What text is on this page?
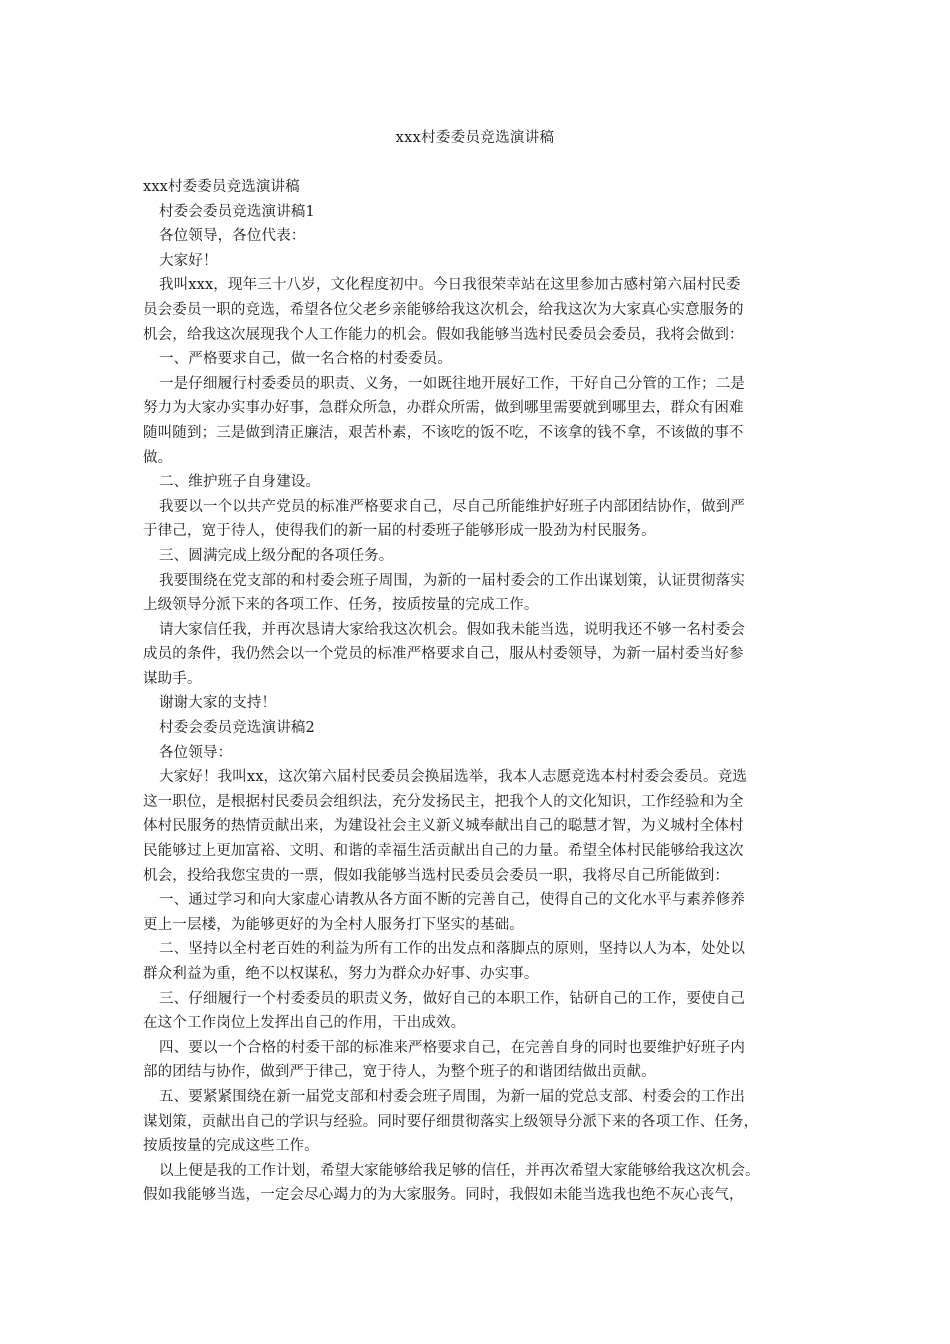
xxx村委委员竞选演讲稿
xxx村委委员竞选演讲稿
村委会委员竞选演讲稿1
各位领导，各位代表：
大家好！
我叫xxx，现年三十八岁，文化程度初中。今日我很荣幸站在这里参加古感村第六届村民委
员会委员一职的竞选，希望各位父老乡亲能够给我这次机会，给我这次为大家真心实意服务的
机会，给我这次展现我个人工作能力的机会。假如我能够当选村民委员会委员，我将会做到：
一、严格要求自己，做一名合格的村委委员。
一是仔细履行村委委员的职责、义务，一如既往地开展好工作，干好自己分管的工作；二是
努力为大家办实事办好事，急群众所急，办群众所需，做到哪里需要就到哪里去，群众有困难
随叫随到；三是做到清正廉洁，艰苦朴素，不该吃的饭不吃，不该拿的钱不拿，不该做的事不
做。
二、维护班子自身建设。
我要以一个以共产党员的标准严格要求自己，尽自己所能维护好班子内部团结协作，做到严
于律己，宽于待人，使得我们的新一届的村委班子能够形成一股劲为村民服务。
三、圆满完成上级分配的各项任务。
我要围绕在党支部的和村委会班子周围，为新的一届村委会的工作出谋划策，认证贯彻落实
上级领导分派下来的各项工作、任务，按质按量的完成工作。
请大家信任我，并再次恳请大家给我这次机会。假如我未能当选，说明我还不够一名村委会
成员的条件，我仍然会以一个党员的标准严格要求自己，服从村委领导，为新一届村委当好参
谋助手。
谢谢大家的支持！
村委会委员竞选演讲稿2
各位领导：
大家好！我叫xx，这次第六届村民委员会换届选举，我本人志愿竞选本村村委会委员。竞选
这一职位，是根据村民委员会组织法，充分发扬民主，把我个人的文化知识，工作经验和为全
体村民服务的热情贡献出来，为建设社会主义新义城奉献出自己的聪慧才智，为义城村全体村
民能够过上更加富裕、文明、和谐的幸福生活贡献出自己的力量。希望全体村民能够给我这次
机会，投给我您宝贵的一票，假如我能够当选村民委员会委员一职，我将尽自己所能做到：
一、通过学习和向大家虚心请教从各方面不断的完善自己，使得自己的文化水平与素养修养
更上一层楼，为能够更好的为全村人服务打下坚实的基础。
二、坚持以全村老百姓的利益为所有工作的出发点和落脚点的原则，坚持以人为本，处处以
群众利益为重，绝不以权谋私，努力为群众办好事、办实事。
三、仔细履行一个村委委员的职责义务，做好自己的本职工作，钻研自己的工作，要使自己
在这个工作岗位上发挥出自己的作用，干出成效。
四、要以一个合格的村委干部的标准来严格要求自己，在完善自身的同时也要维护好班子内
部的团结与协作，做到严于律己，宽于待人，为整个班子的和谐团结做出贡献。
五、要紧紧围绕在新一届党支部和村委会班子周围，为新一届的党总支部、村委会的工作出
谋划策，贡献出自己的学识与经验。同时要仔细贯彻落实上级领导分派下来的各项工作、任务，
按质按量的完成这些工作。
以上便是我的工作计划，希望大家能够给我足够的信任，并再次希望大家能够给我这次机会。
假如我能够当选，一定会尽心竭力的为大家服务。同时，我假如未能当选我也绝不灰心丧气，
